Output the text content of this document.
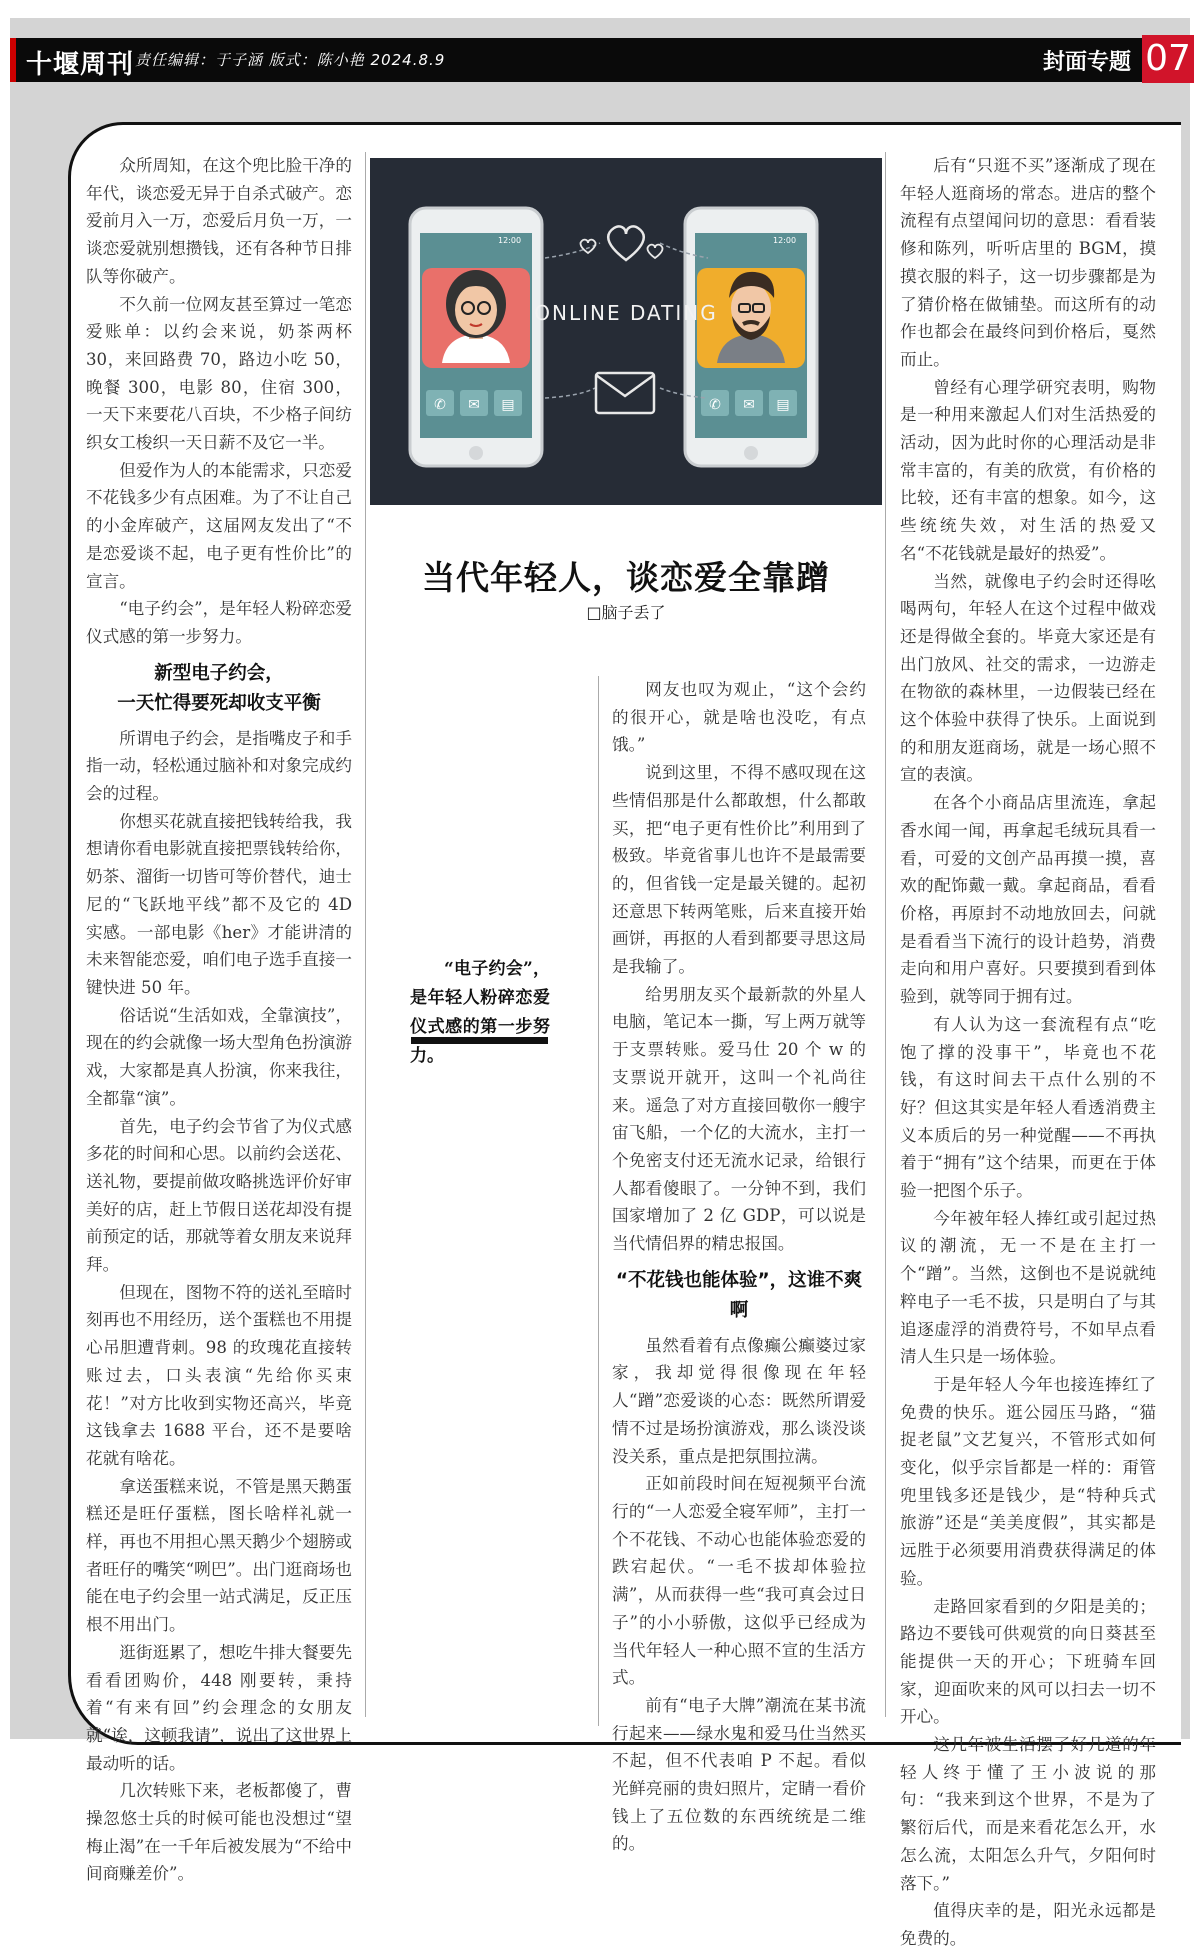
十堰周刊 责任编辑：于子涵 版式：陈小艳 2024.8.9	封面专题 07

众所周知，在这个兜比脸干净的年代，谈恋爱无异于自杀式破产。恋爱前月入一万，恋爱后月负一万，一谈恋爱就别想攒钱，还有各种节日排队等你破产。

不久前一位网友甚至算过一笔恋爱账单：以约会来说，奶茶两杯 30，来回路费 70，路边小吃 50，晚餐 300，电影 80，住宿 300，一天下来要花八百块，不少格子间纺织女工梭织一天日薪不及它一半。

但爱作为人的本能需求，只恋爱不花钱多少有点困难。为了不让自己的小金库破产，这届网友发出了“不是恋爱谈不起，电子更有性价比”的宣言。

“电子约会”，是年轻人粉碎恋爱仪式感的第一步努力。

新型电子约会，
一天忙得要死却收支平衡

所谓电子约会，是指嘴皮子和手指一动，轻松通过脑补和对象完成约会的过程。

你想买花就直接把钱转给我，我想请你看电影就直接把票钱转给你，奶茶、溜街一切皆可等价替代，迪士尼的“飞跃地平线”都不及它的 4D 实感。一部电影《her》才能讲清的未来智能恋爱，咱们电子选手直接一键快进 50 年。

俗话说“生活如戏，全靠演技”，现在的约会就像一场大型角色扮演游戏，大家都是真人扮演，你来我往，全都靠“演”。

首先，电子约会节省了为仪式感多花的时间和心思。以前约会送花、送礼物，要提前做攻略挑选评价好审美好的店，赶上节假日送花却没有提前预定的话，那就等着女朋友来说拜拜。

但现在，图物不符的送礼至暗时刻再也不用经历，送个蛋糕也不用提心吊胆遭背刺。98 的玫瑰花直接转账过去，口头表演“先给你买束花！”对方比收到实物还高兴，毕竟这钱拿去 1688 平台，还不是要啥花就有啥花。

拿送蛋糕来说，不管是黑天鹅蛋糕还是旺仔蛋糕，图长啥样礼就一样，再也不用担心黑天鹅少个翅膀或者旺仔的嘴笑“咧巴”。出门逛商场也能在电子约会里一站式满足，反正压根不用出门。

逛街逛累了，想吃牛排大餐要先看看团购价，448 刚要转，秉持着“有来有回”约会理念的女朋友就“诶，这顿我请”，说出了这世界上最动听的话。

几次转账下来，老板都傻了，曹操忽悠士兵的时候可能也没想过“望梅止渴”在一千年后被发展为“不给中间商赚差价”。

12:00
✆ ✉ ▤
12:00
✆ ✉ ▤
ONLINE DATING
当代年轻人，谈恋爱全靠蹭
□脑子丢了

“电子约会”，是年轻人粉碎恋爱仪式感的第一步努力。

网友也叹为观止，“这个会约的很开心，就是啥也没吃，有点饿。”

说到这里，不得不感叹现在这些情侣那是什么都敢想，什么都敢买，把“电子更有性价比”利用到了极致。毕竟省事儿也许不是最需要的，但省钱一定是最关键的。起初还意思下转两笔账，后来直接开始画饼，再抠的人看到都要寻思这局是我输了。

给男朋友买个最新款的外星人电脑，笔记本一撕，写上两万就等于支票转账。爱马仕 20 个 w 的支票说开就开，这叫一个礼尚往来。遥急了对方直接回敬你一艘宇宙飞船，一个亿的大流水，主打一个免密支付还无流水记录，给银行人都看傻眼了。一分钟不到，我们国家增加了 2 亿 GDP，可以说是当代情侣界的精忠报国。

“不花钱也能体验”，这谁不爽啊

虽然看着有点像癫公癫婆过家家，我却觉得很像现在年轻人“蹭”恋爱谈的心态：既然所谓爱情不过是场扮演游戏，那么谈没谈没关系，重点是把氛围拉满。

正如前段时间在短视频平台流行的“一人恋爱全寝军师”，主打一个不花钱、不动心也能体验恋爱的跌宕起伏。“一毛不拔却体验拉满”，从而获得一些“我可真会过日子”的小小骄傲，这似乎已经成为当代年轻人一种心照不宣的生活方式。

前有“电子大牌”潮流在某书流行起来——绿水鬼和爱马仕当然买不起，但不代表咱 P 不起。看似光鲜亮丽的贵妇照片，定睛一看价钱上了五位数的东西统统是二维的。

后有“只逛不买”逐渐成了现在年轻人逛商场的常态。进店的整个流程有点望闻问切的意思：看看装修和陈列，听听店里的 BGM，摸摸衣服的料子，这一切步骤都是为了猜价格在做铺垫。而这所有的动作也都会在最终问到价格后，戛然而止。

曾经有心理学研究表明，购物是一种用来激起人们对生活热爱的活动，因为此时你的心理活动是非常丰富的，有美的欣赏，有价格的比较，还有丰富的想象。如今，这些统统失效，对生活的热爱又名“不花钱就是最好的热爱”。

当然，就像电子约会时还得吆喝两句，年轻人在这个过程中做戏还是得做全套的。毕竟大家还是有出门放风、社交的需求，一边游走在物欲的森林里，一边假装已经在这个体验中获得了快乐。上面说到的和朋友逛商场，就是一场心照不宣的表演。

在各个小商品店里流连，拿起香水闻一闻，再拿起毛绒玩具看一看，可爱的文创产品再摸一摸，喜欢的配饰戴一戴。拿起商品，看看价格，再原封不动地放回去，问就是看看当下流行的设计趋势，消费走向和用户喜好。只要摸到看到体验到，就等同于拥有过。

有人认为这一套流程有点“吃饱了撑的没事干”，毕竟也不花钱，有这时间去干点什么别的不好？但这其实是年轻人看透消费主义本质后的另一种觉醒——不再执着于“拥有”这个结果，而更在于体验一把图个乐子。

今年被年轻人捧红或引起过热议的潮流，无一不是在主打一个“蹭”。当然，这倒也不是说就纯粹电子一毛不拔，只是明白了与其追逐虚浮的消费符号，不如早点看清人生只是一场体验。

于是年轻人今年也接连捧红了免费的快乐。逛公园压马路，“猫捉老鼠”文艺复兴，不管形式如何变化，似乎宗旨都是一样的：甭管兜里钱多还是钱少，是“特种兵式旅游”还是“美美度假”，其实都是远胜于必须要用消费获得满足的体验。

走路回家看到的夕阳是美的；路边不要钱可供观赏的向日葵甚至能提供一天的开心；下班骑车回家，迎面吹来的风可以扫去一切不开心。

这几年被生活摆了好几道的年轻人终于懂了王小波说的那句：“我来到这个世界，不是为了繁衍后代，而是来看花怎么开，水怎么流，太阳怎么升气，夕阳何时落下。”

值得庆幸的是，阳光永远都是免费的。
